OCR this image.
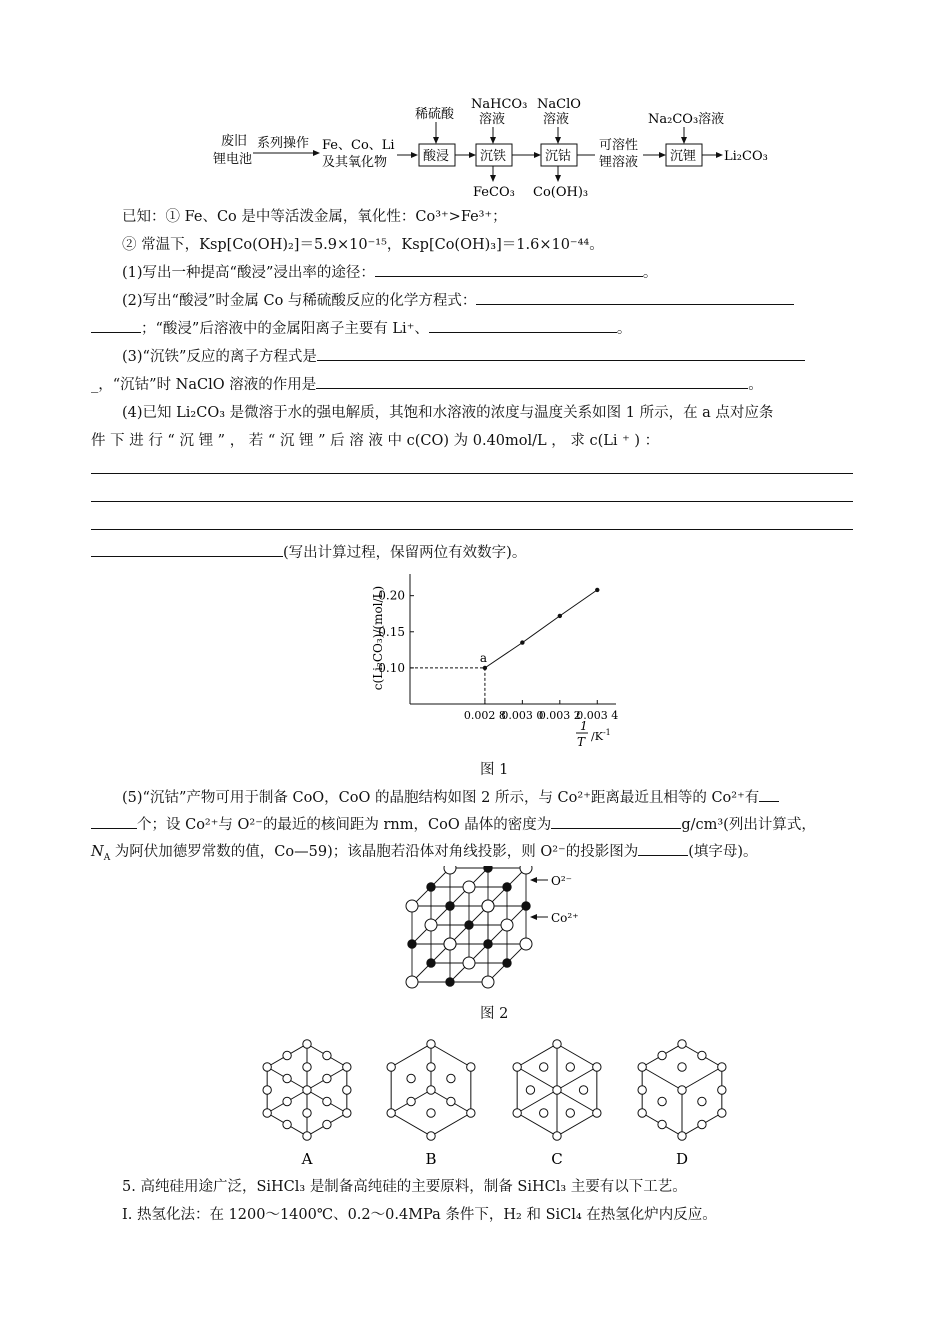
废旧
锂电池
系列操作 Fe、Co、Li
及其氧化物
稀硫酸
酸浸
NaHCO₃
溶液
沉铁
FeCO₃
NaClO
溶液
沉钴
Co(OH)₃
可溶性
锂溶液
Na₂CO₃溶液
沉锂 Li₂CO₃
已知：① Fe、Co 是中等活泼金属，氧化性：Co³⁺>Fe³⁺；
② 常温下，Ksp[Co(OH)₂]＝5.9×10⁻¹⁵，Ksp[Co(OH)₃]＝1.6×10⁻⁴⁴。
(1)写出一种提高“酸浸”浸出率的途径：	。
(2)写出“酸浸”时金属 Co 与稀硫酸反应的化学方程式：
；“酸浸”后溶液中的金属阳离子主要有 Li⁺、	。
(3)“沉铁”反应的离子方程式是
_，“沉钴”时 NaClO 溶液的作用是	。
(4)已知 Li₂CO₃ 是微溶于水的强电解质，其饱和水溶液的浓度与温度关系如图 1 所示，在 a 点对应条
件 下 进 行 “ 沉 锂 ” ， 若 “ 沉 锂 ” 后 溶 液 中 c(CO) 为 0.40mol/L ， 求 c(Li ⁺ ) ：
(写出计算过程，保留两位有效数字)。
c(Li₂CO₃)/(mol/L)
0.10
0.15
0.20
0.002 8
0.003 0
0.003 2
0.003 4
a
1
T $/K^{-1}$
图 1
(5)“沉钴”产物可用于制备 CoO，CoO 的晶胞结构如图 2 所示，与 Co²⁺距离最近且相等的 Co²⁺有
个；设 Co²⁺与 O²⁻的最近的核间距为 rnm，CoO 晶体的密度为	g/cm³(列出计算式，
$N_A$ 为阿伏加德罗常数的值，Co—59)；该晶胞若沿体对角线投影，则 O²⁻的投影图为	(填字母)。
O²⁻
Co²⁺
图 2
A	B	C	D
5. 高纯硅用途广泛，SiHCl₃ 是制备高纯硅的主要原料，制备 SiHCl₃ 主要有以下工艺。
Ⅰ. 热氢化法：在 1200～1400℃、0.2～0.4MPa 条件下，H₂ 和 SiCl₄ 在热氢化炉内反应。
